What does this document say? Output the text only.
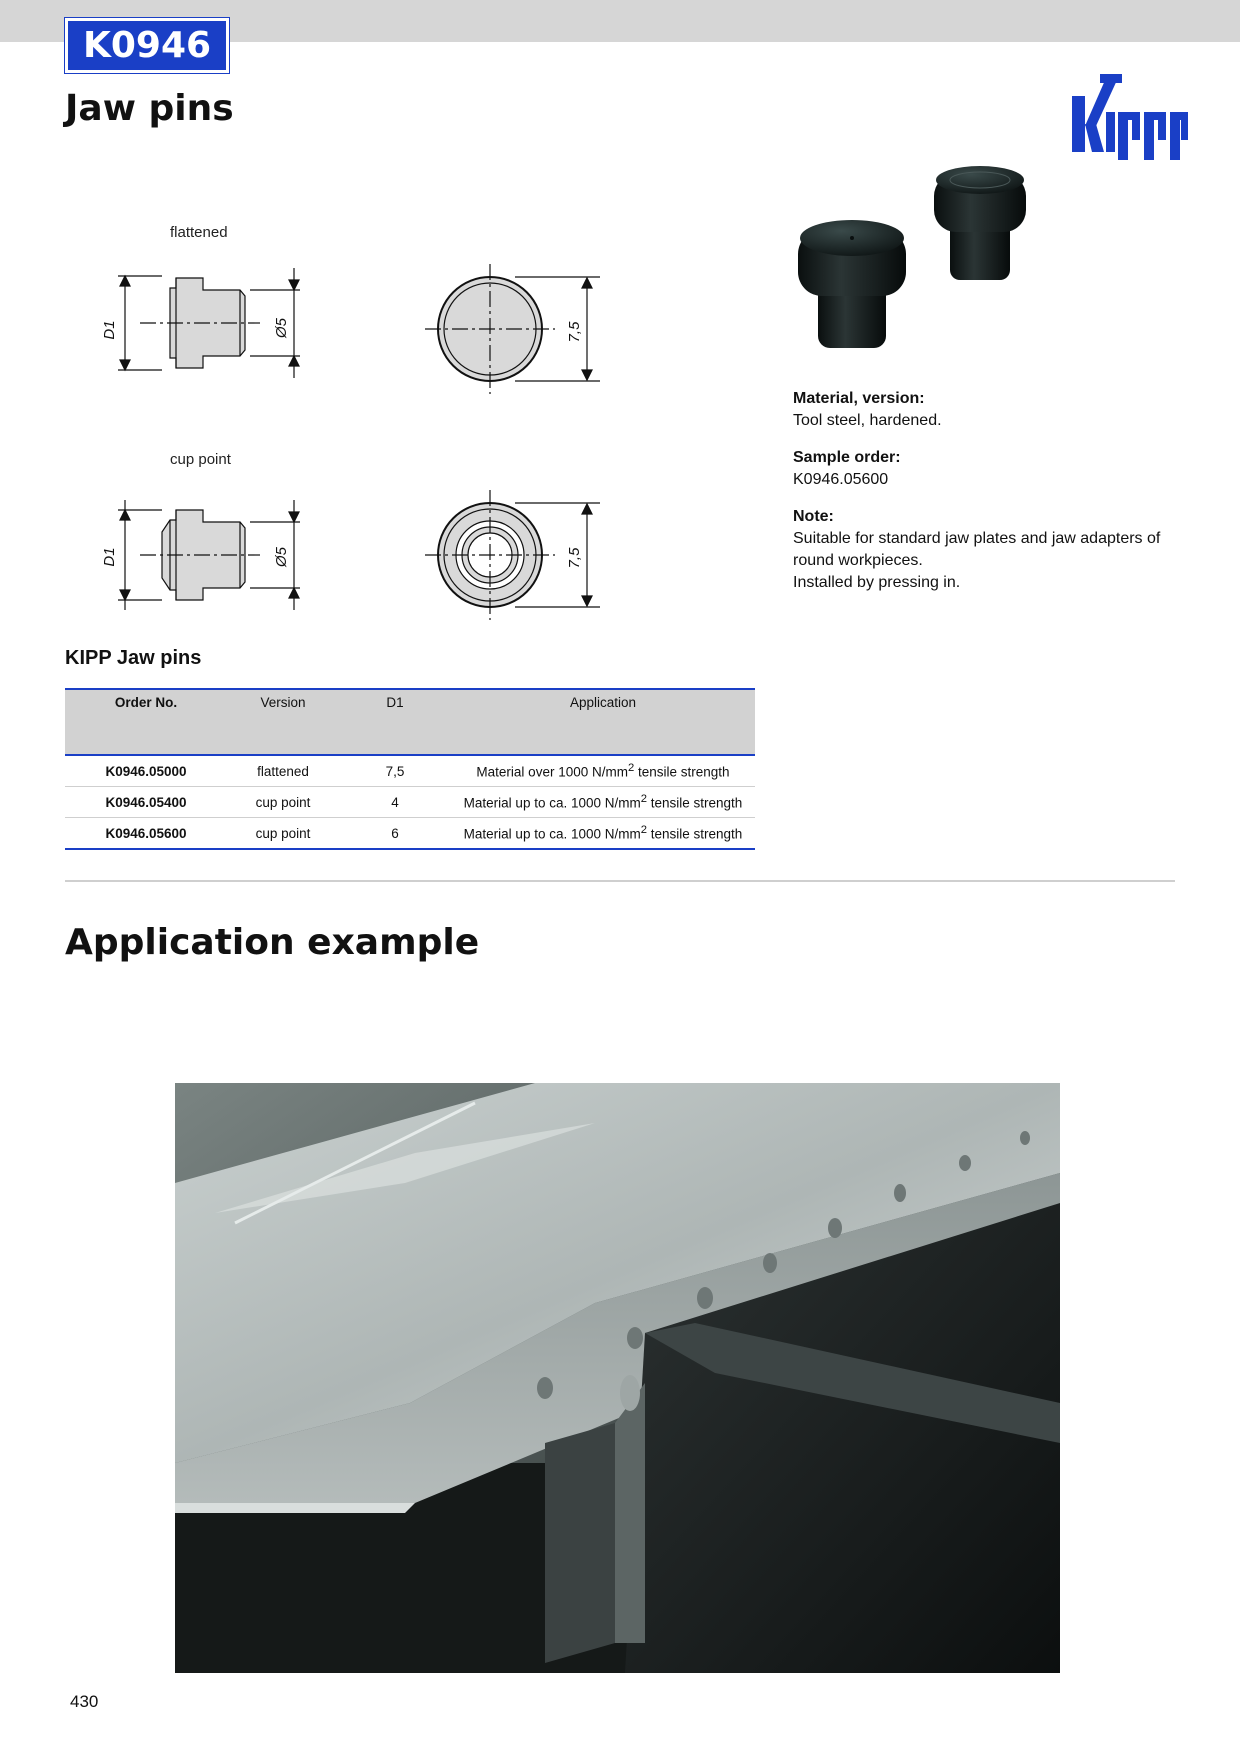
K0946
Jaw pins
flattened
cup point
D1	Ø5	7,5
D1	Ø5	7,5
Material, version:
Tool steel, hardened.
Sample order:
K0946.05600
Note:
Suitable for standard jaw plates and jaw adapters of round workpieces.
Installed by pressing in.
KIPP Jaw pins
Order No.	Version	D1	Application
K0946.05000	flattened	7,5	Material over 1000 $N/mm^2$ tensile strength
K0946.05400	cup point	4	Material up to ca. 1000 $N/mm^2$ tensile strength
K0946.05600	cup point	6	Material up to ca. 1000 $N/mm^2$ tensile strength
Application example
430
